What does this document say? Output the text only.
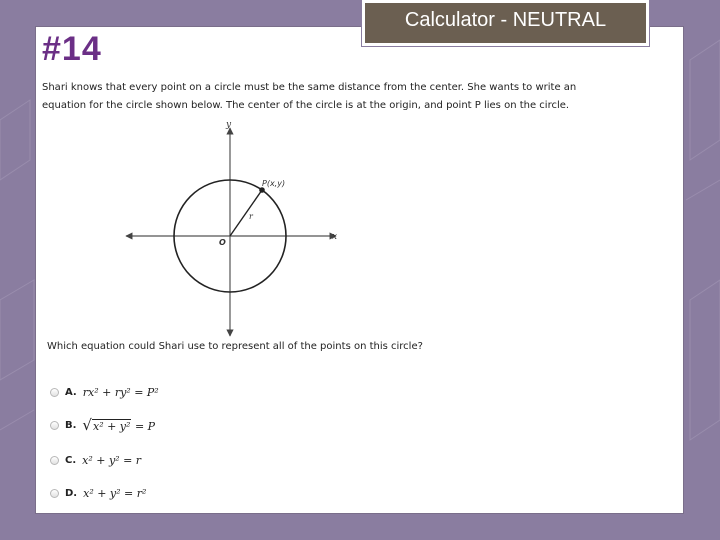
#14
Calculator - NEUTRAL
Shari knows that every point on a circle must be the same distance from the center. She wants to write an
equation for the circle shown below. The center of the circle is at the origin, and point P lies on the circle.
P(x,y)
r
O
x
y
Which equation could Shari use to represent all of the points on this circle?
A. rx² + ry² = P²
B. √ x² + y²
= P
C. x² + y² = r
D. x² + y² = r²
